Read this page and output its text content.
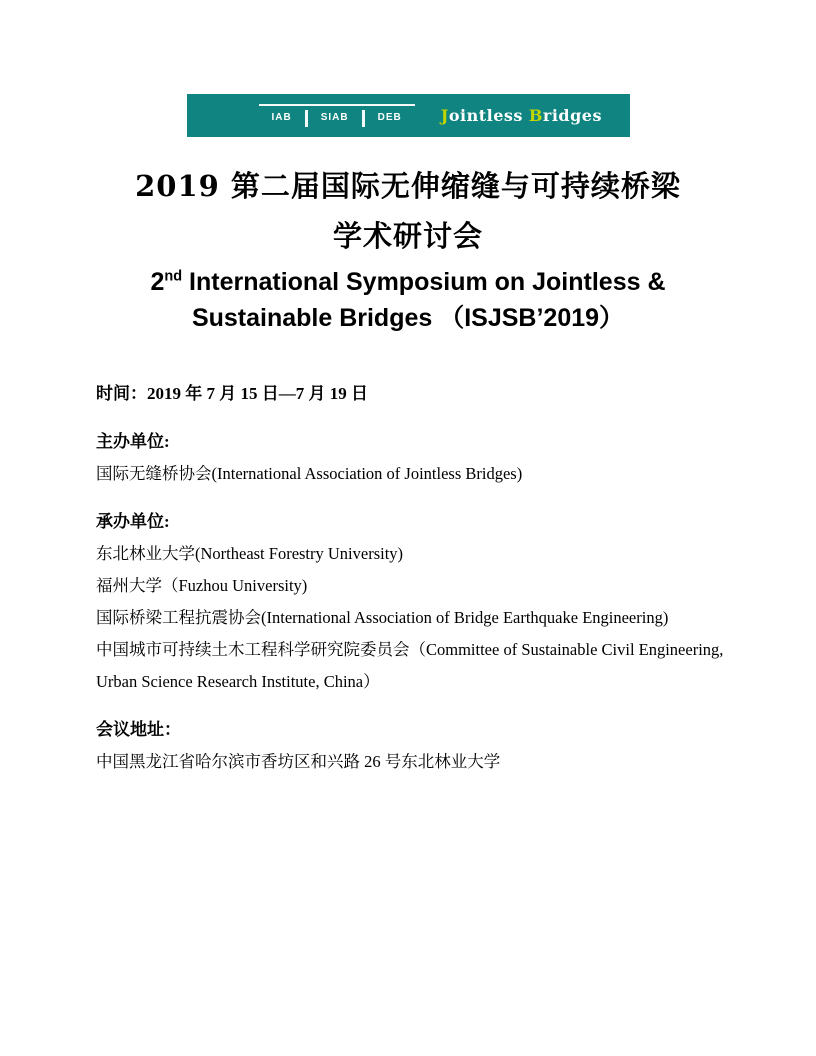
IAB	SIAB	DEB	Jointless Bridges
2019 第二届国际无伸缩缝与可持续桥梁
学术研讨会
2nd International Symposium on Jointless &
Sustainable Bridges （ISJSB’2019）
时间：2019 年 7 月 15 日—7 月 19 日
主办单位:
国际无缝桥协会(International Association of Jointless Bridges)
承办单位:
东北林业大学(Northeast Forestry University)
福州大学（Fuzhou University)
国际桥梁工程抗震协会(International Association of Bridge Earthquake Engineering)
中国城市可持续土木工程科学研究院委员会（Committee of Sustainable Civil Engineering,
Urban Science Research Institute, China）
会议地址：
中国黑龙江省哈尔滨市香坊区和兴路 26 号东北林业大学
